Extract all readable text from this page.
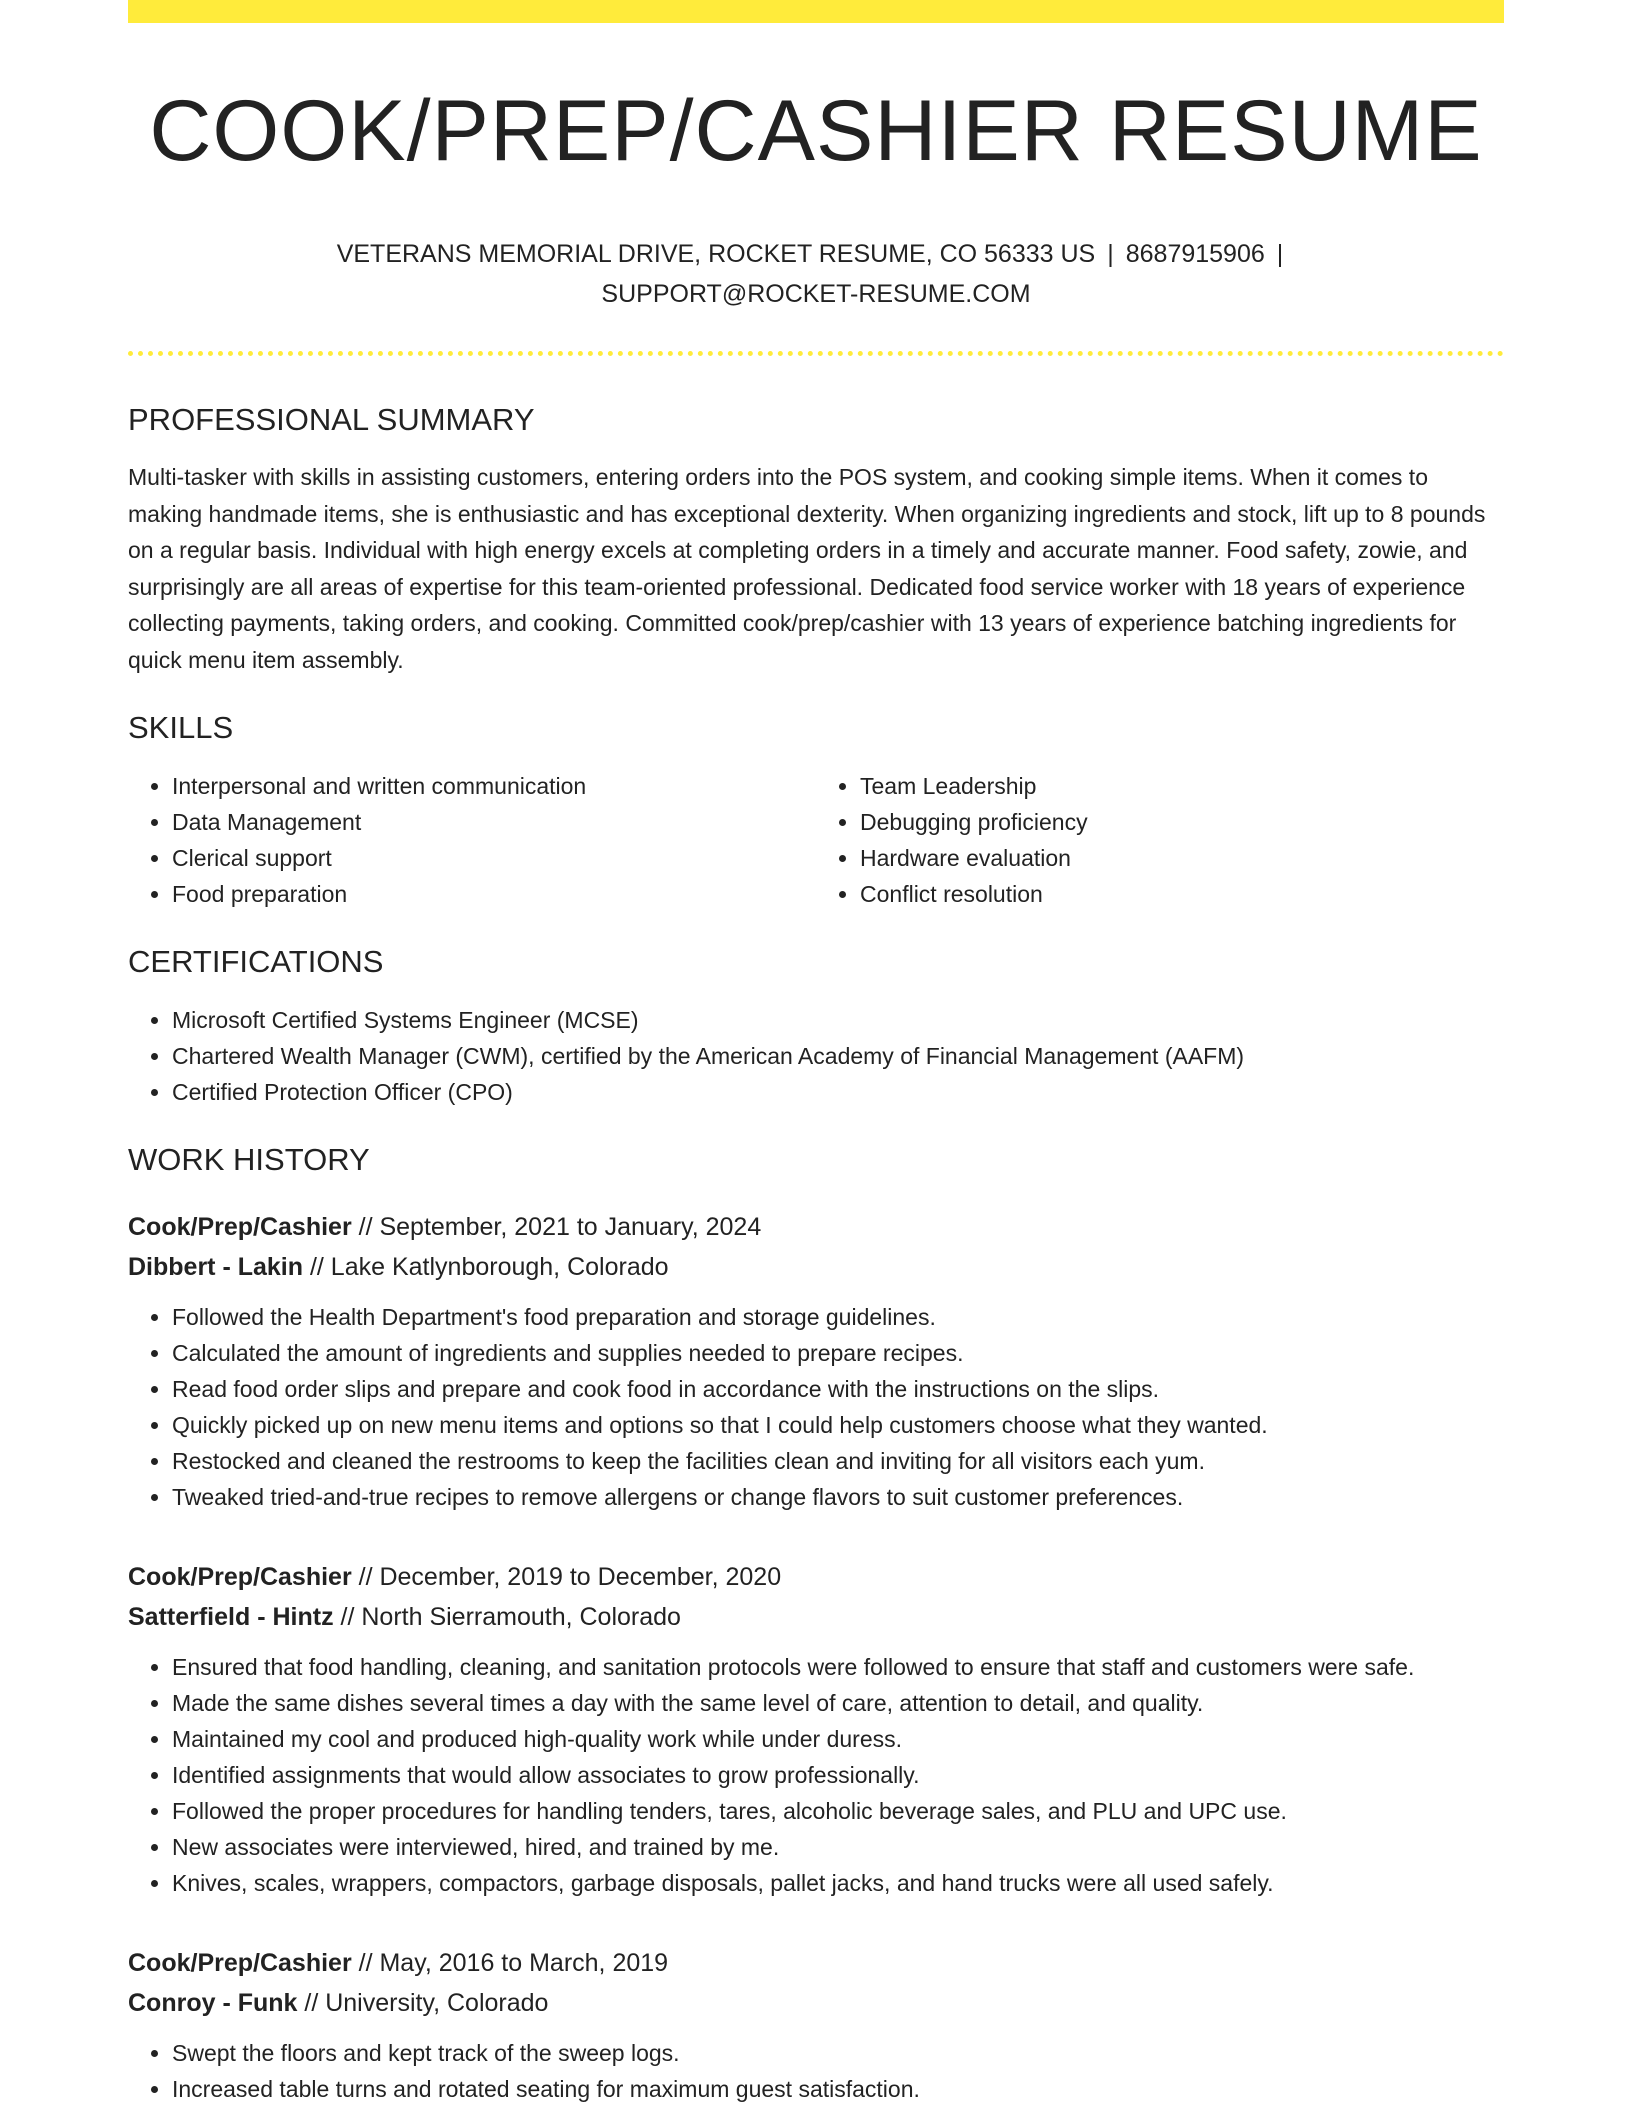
COOK/PREP/CASHIER RESUME
VETERANS MEMORIAL DRIVE, ROCKET RESUME, CO 56333 US | 8687915906 |
SUPPORT@ROCKET-RESUME.COM
PROFESSIONAL SUMMARY
Multi-tasker with skills in assisting customers, entering orders into the POS system, and cooking simple items. When it comes to making handmade items, she is enthusiastic and has exceptional dexterity. When organizing ingredients and stock, lift up to 8 pounds on a regular basis. Individual with high energy excels at completing orders in a timely and accurate manner. Food safety, zowie, and surprisingly are all areas of expertise for this team-oriented professional. Dedicated food service worker with 18 years of experience collecting payments, taking orders, and cooking. Committed cook/prep/cashier with 13 years of experience batching ingredients for quick menu item assembly.
SKILLS
• Interpersonal and written communication
• Data Management
• Clerical support
• Food preparation
• Team Leadership
• Debugging proficiency
• Hardware evaluation
• Conflict resolution
CERTIFICATIONS
• Microsoft Certified Systems Engineer (MCSE)
• Chartered Wealth Manager (CWM), certified by the American Academy of Financial Management (AAFM)
• Certified Protection Officer (CPO)
WORK HISTORY
Cook/Prep/Cashier // September, 2021 to January, 2024
Dibbert - Lakin // Lake Katlynborough, Colorado
• Followed the Health Department's food preparation and storage guidelines.
• Calculated the amount of ingredients and supplies needed to prepare recipes.
• Read food order slips and prepare and cook food in accordance with the instructions on the slips.
• Quickly picked up on new menu items and options so that I could help customers choose what they wanted.
• Restocked and cleaned the restrooms to keep the facilities clean and inviting for all visitors each yum.
• Tweaked tried-and-true recipes to remove allergens or change flavors to suit customer preferences.
Cook/Prep/Cashier // December, 2019 to December, 2020
Satterfield - Hintz // North Sierramouth, Colorado
• Ensured that food handling, cleaning, and sanitation protocols were followed to ensure that staff and customers were safe.
• Made the same dishes several times a day with the same level of care, attention to detail, and quality.
• Maintained my cool and produced high-quality work while under duress.
• Identified assignments that would allow associates to grow professionally.
• Followed the proper procedures for handling tenders, tares, alcoholic beverage sales, and PLU and UPC use.
• New associates were interviewed, hired, and trained by me.
• Knives, scales, wrappers, compactors, garbage disposals, pallet jacks, and hand trucks were all used safely.
Cook/Prep/Cashier // May, 2016 to March, 2019
Conroy - Funk // University, Colorado
• Swept the floors and kept track of the sweep logs.
• Increased table turns and rotated seating for maximum guest satisfaction.
